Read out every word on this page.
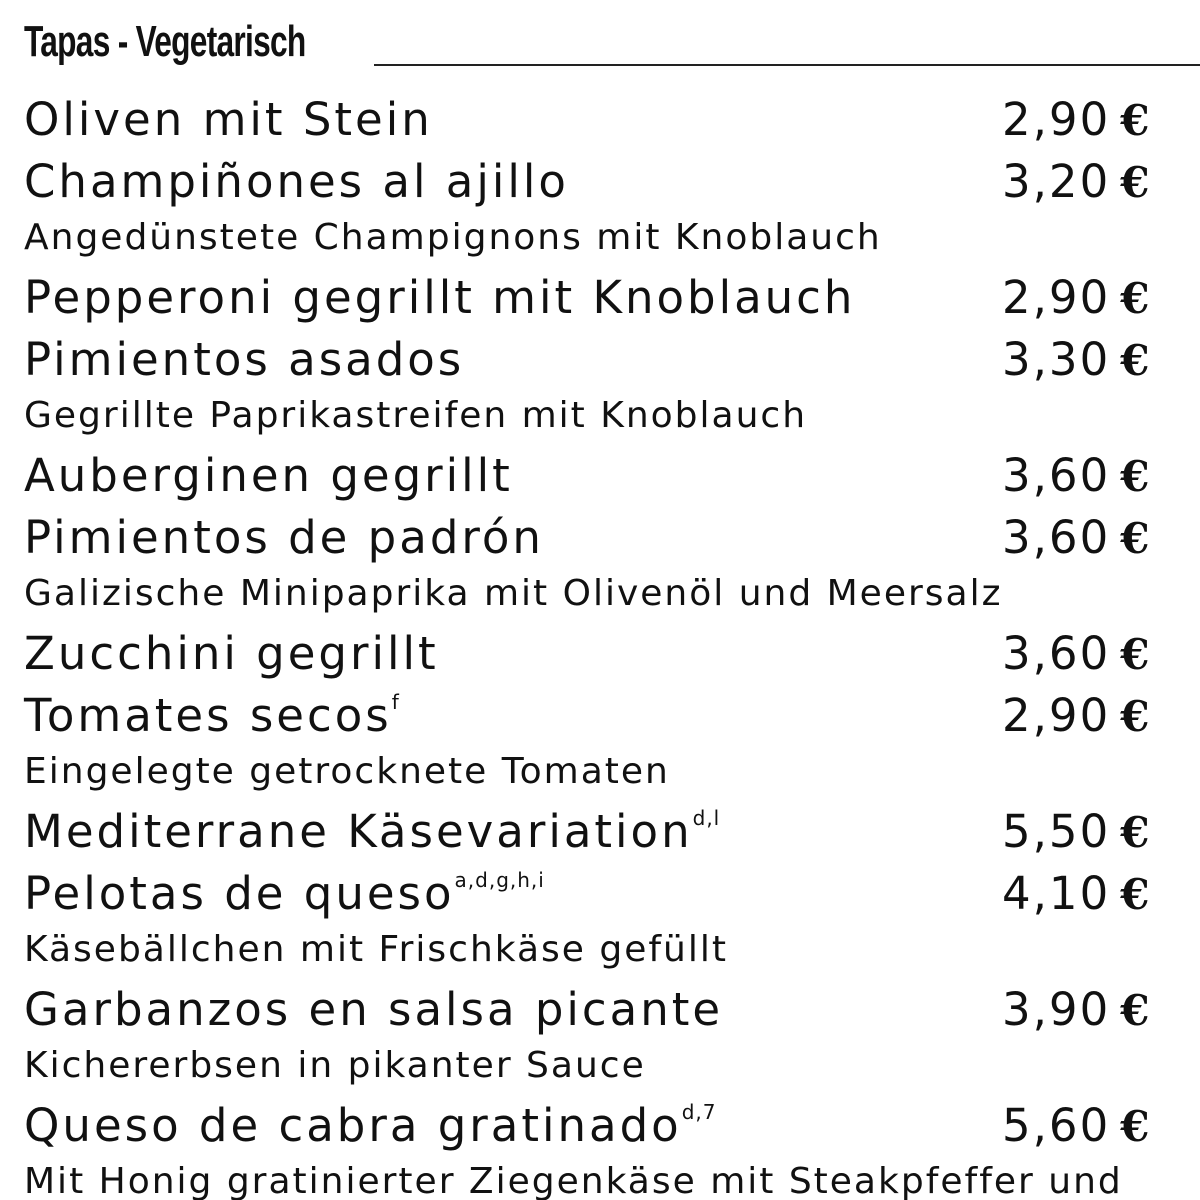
Tapas - Vegetarisch
Oliven mit Stein	2,90 €
Champiñones al ajillo	3,20 €
Angedünstete Champignons mit Knoblauch
Pepperoni gegrillt mit Knoblauch	2,90 €
Pimientos asados	3,30 €
Gegrillte Paprikastreifen mit Knoblauch
Auberginen gegrillt	3,60 €
Pimientos de padrón	3,60 €
Galizische Minipaprika mit Olivenöl und Meersalz
Zucchini gegrillt	3,60 €
Tomates secos$^f$	2,90 €
Eingelegte getrocknete Tomaten
Mediterrane Käsevariation$^{d,l}$	5,50 €
Pelotas de queso$^{a,d,g,h,i}$	4,10 €
Käsebällchen mit Frischkäse gefüllt
Garbanzos en salsa picante	3,90 €
Kichererbsen in pikanter Sauce
Queso de cabra gratinado$^{d,7}$	5,60 €
Mit Honig gratinierter Ziegenkäse mit Steakpfeffer und
